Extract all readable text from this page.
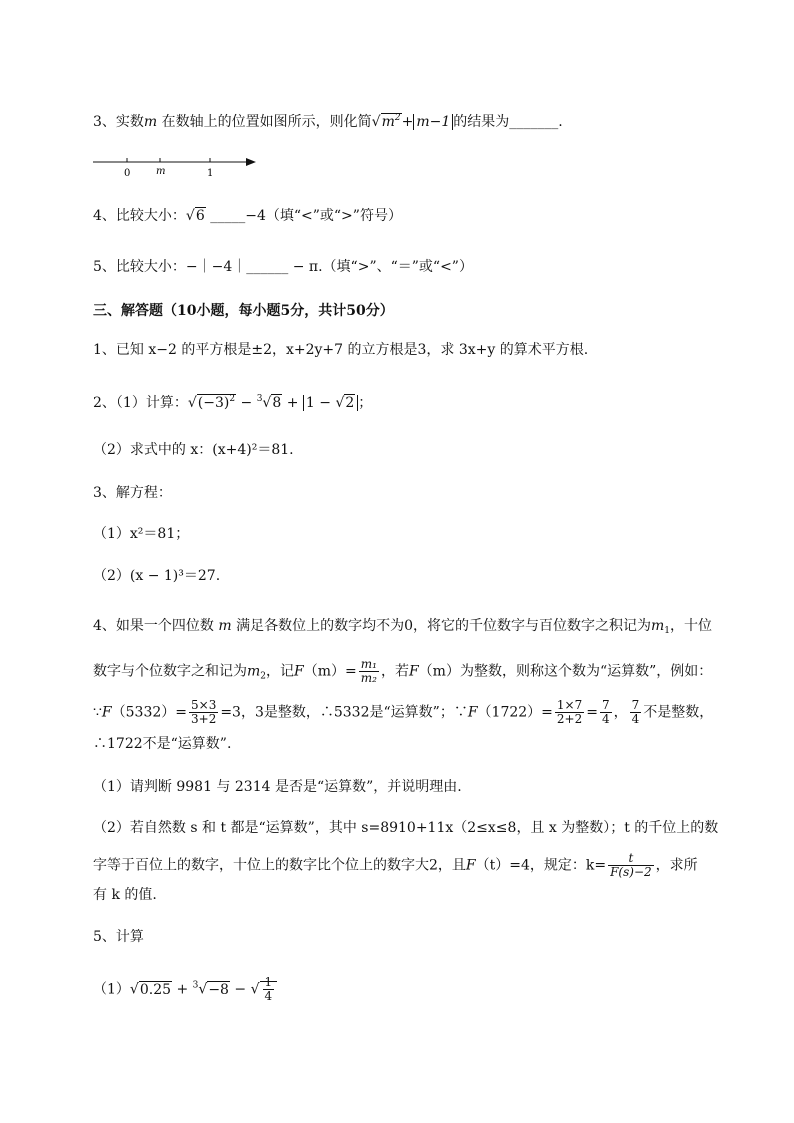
3、实数m 在数轴上的位置如图所示，则化简$√m^2+ m-1$ 的结果为_______.
0	m	1
4、比较大小：√6 _____−4（填“<”或“>”符号）
5、比较大小：−｜−4｜______ − π.（填“>”、“＝”或“<”）
三、解答题（10小题，每小题5分，共计50分）
1、已知 x−2 的平方根是±2，x+2y+7 的立方根是3，求 3x+y 的算术平方根.
2、（1）计算：$√(-3)^2 - ^3√8 + 1 - √2$ ；
（2）求式中的 x：(x+4)²＝81.
3、解方程：
（1）x²＝81；
（2）(x − 1)³＝27.
4、如果一个四位数 m 满足各数位上的数字均不为0，将它的千位数字与百位数字之积记为$m_1$，十位
数字与个位数字之和记为$m_2$，记$F(m)= \frac{\text{m₁}}{\text{m₂}}$ ，若F（m）为整数，则称这个数为“运算数”，例如：
∵F（5332）= $\frac{5\times 3}{3+2} =3$，3是整数，∴5332是“运算数”；∵F（1722）= $\frac{1\times 7}{2+2} = \frac{7}{4}$ ， $\frac{7}{4}$ 不是整数，
∴1722不是“运算数”.
（1）请判断 9981 与 2314 是否是“运算数”，并说明理由.
（2）若自然数 s 和 t 都是“运算数”，其中 s=8910+11x（2≤x≤8，且 x 为整数）；t 的千位上的数
字等于百位上的数字，十位上的数字比个位上的数字大2，且F（t）=4，规定：$k= \frac{t}{F(s)-2}$ ，求所
有 k 的值.
5、计算
（1）√0.25 + $^3$√−8 − √ $\frac{1}{4}$
